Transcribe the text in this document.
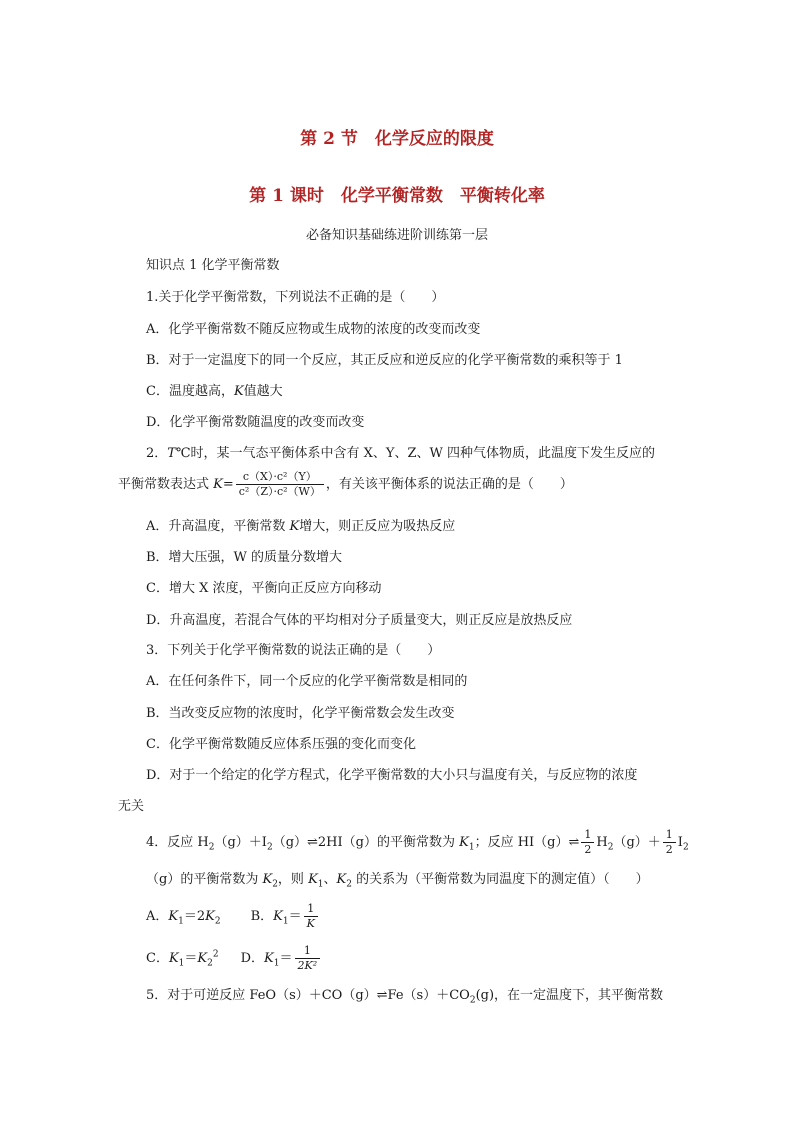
第 2 节　化学反应的限度
第 1 课时　化学平衡常数　平衡转化率
必备知识基础练进阶训练第一层
知识点 1 化学平衡常数
1.关于化学平衡常数，下列说法不正确的是（　　）
A．化学平衡常数不随反应物或生成物的浓度的改变而改变
B．对于一定温度下的同一个反应，其正反应和逆反应的化学平衡常数的乘积等于 1
C．温度越高，K值越大
D．化学平衡常数随温度的改变而改变
2．T℃时，某一气态平衡体系中含有 X、Y、Z、W 四种气体物质，此温度下发生反应的
平衡常数表达式 $K= \frac{\text{c（X）·c²（Y）}}{\text{c²（Z）·c²（W）}}$ ，有关该平衡体系的说法正确的是（　　）
A．升高温度，平衡常数 K增大，则正反应为吸热反应
B．增大压强，W 的质量分数增大
C．增大 X 浓度，平衡向正反应方向移动
D．升高温度，若混合气体的平均相对分子质量变大，则正反应是放热反应
3．下列关于化学平衡常数的说法正确的是（　　）
A．在任何条件下，同一个反应的化学平衡常数是相同的
B．当改变反应物的浓度时，化学平衡常数会发生改变
C．化学平衡常数随反应体系压强的变化而变化
D．对于一个给定的化学方程式，化学平衡常数的大小只与温度有关，与反应物的浓度
无关
4．反应 $H_2(g)+I_2(g)\rightleftharpoons 2HI(g)$的平衡常数为 $K_1$；反应 HI（g）⇌ $\frac{1}{2} H_2(g)+ \frac{1}{2} I_2$
（g）的平衡常数为 $K_2$，则 $K_1$、$K_2$ 的关系为（平衡常数为同温度下的测定值）（　　）
A．$K_1=2K_2$ B．$K_1= \frac{1}{K}$
C．$K_1=K_2^2$ D．$K_1= \frac{1}{\text{2K²}}$
5．对于可逆反应 $FeO(s)+CO(g)\rightleftharpoons Fe(s)+CO_2(g)$，在一定温度下，其平衡常数
